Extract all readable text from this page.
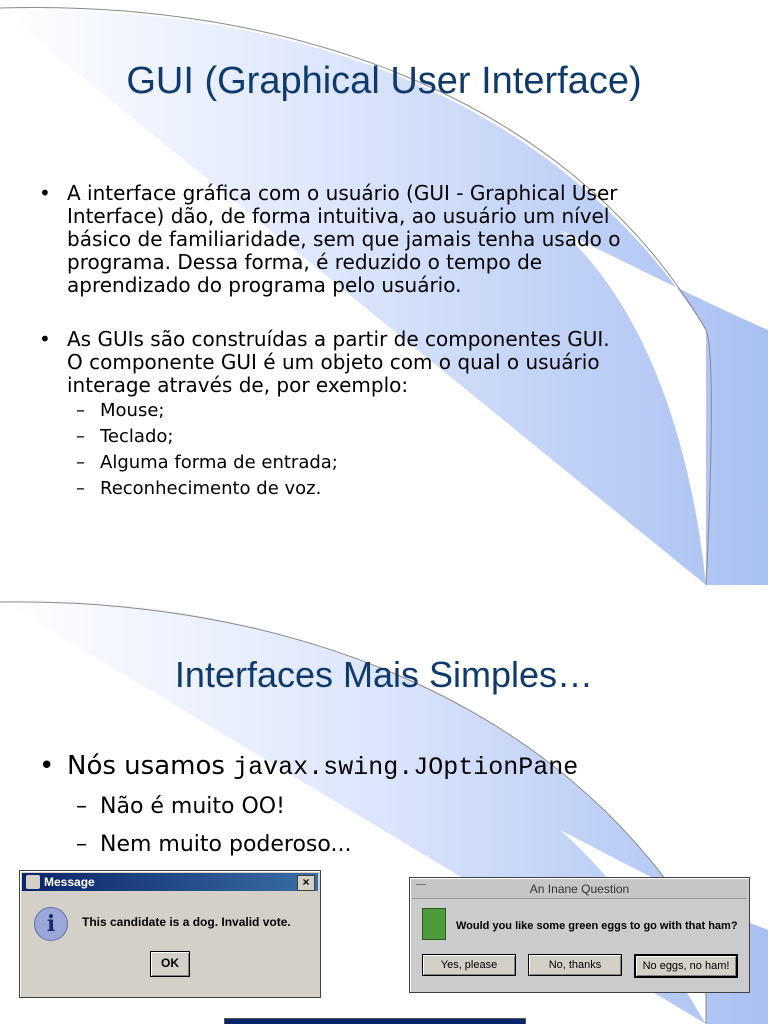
GUI (Graphical User Interface)
• A interface gráfica com o usuário (GUI - Graphical User
Interface) dão, de forma intuitiva, ao usuário um nível
básico de familiaridade, sem que jamais tenha usado o
programa. Dessa forma, é reduzido o tempo de
aprendizado do programa pelo usuário.
• As GUIs são construídas a partir de componentes GUI.
O componente GUI é um objeto com o qual o usuário
interage através de, por exemplo:
– Mouse;
– Teclado;
– Alguma forma de entrada;
– Reconhecimento de voz.
Interfaces Mais Simples…
• Nós usamos javax.swing.JOptionPane
– Não é muito OO!
– Nem muito poderoso...
Message	×
i	This candidate is a dog. Invalid vote.
OK
An Inane Question
Would you like some green eggs to go with that ham?
Yes, please	No, thanks	No eggs, no ham!
